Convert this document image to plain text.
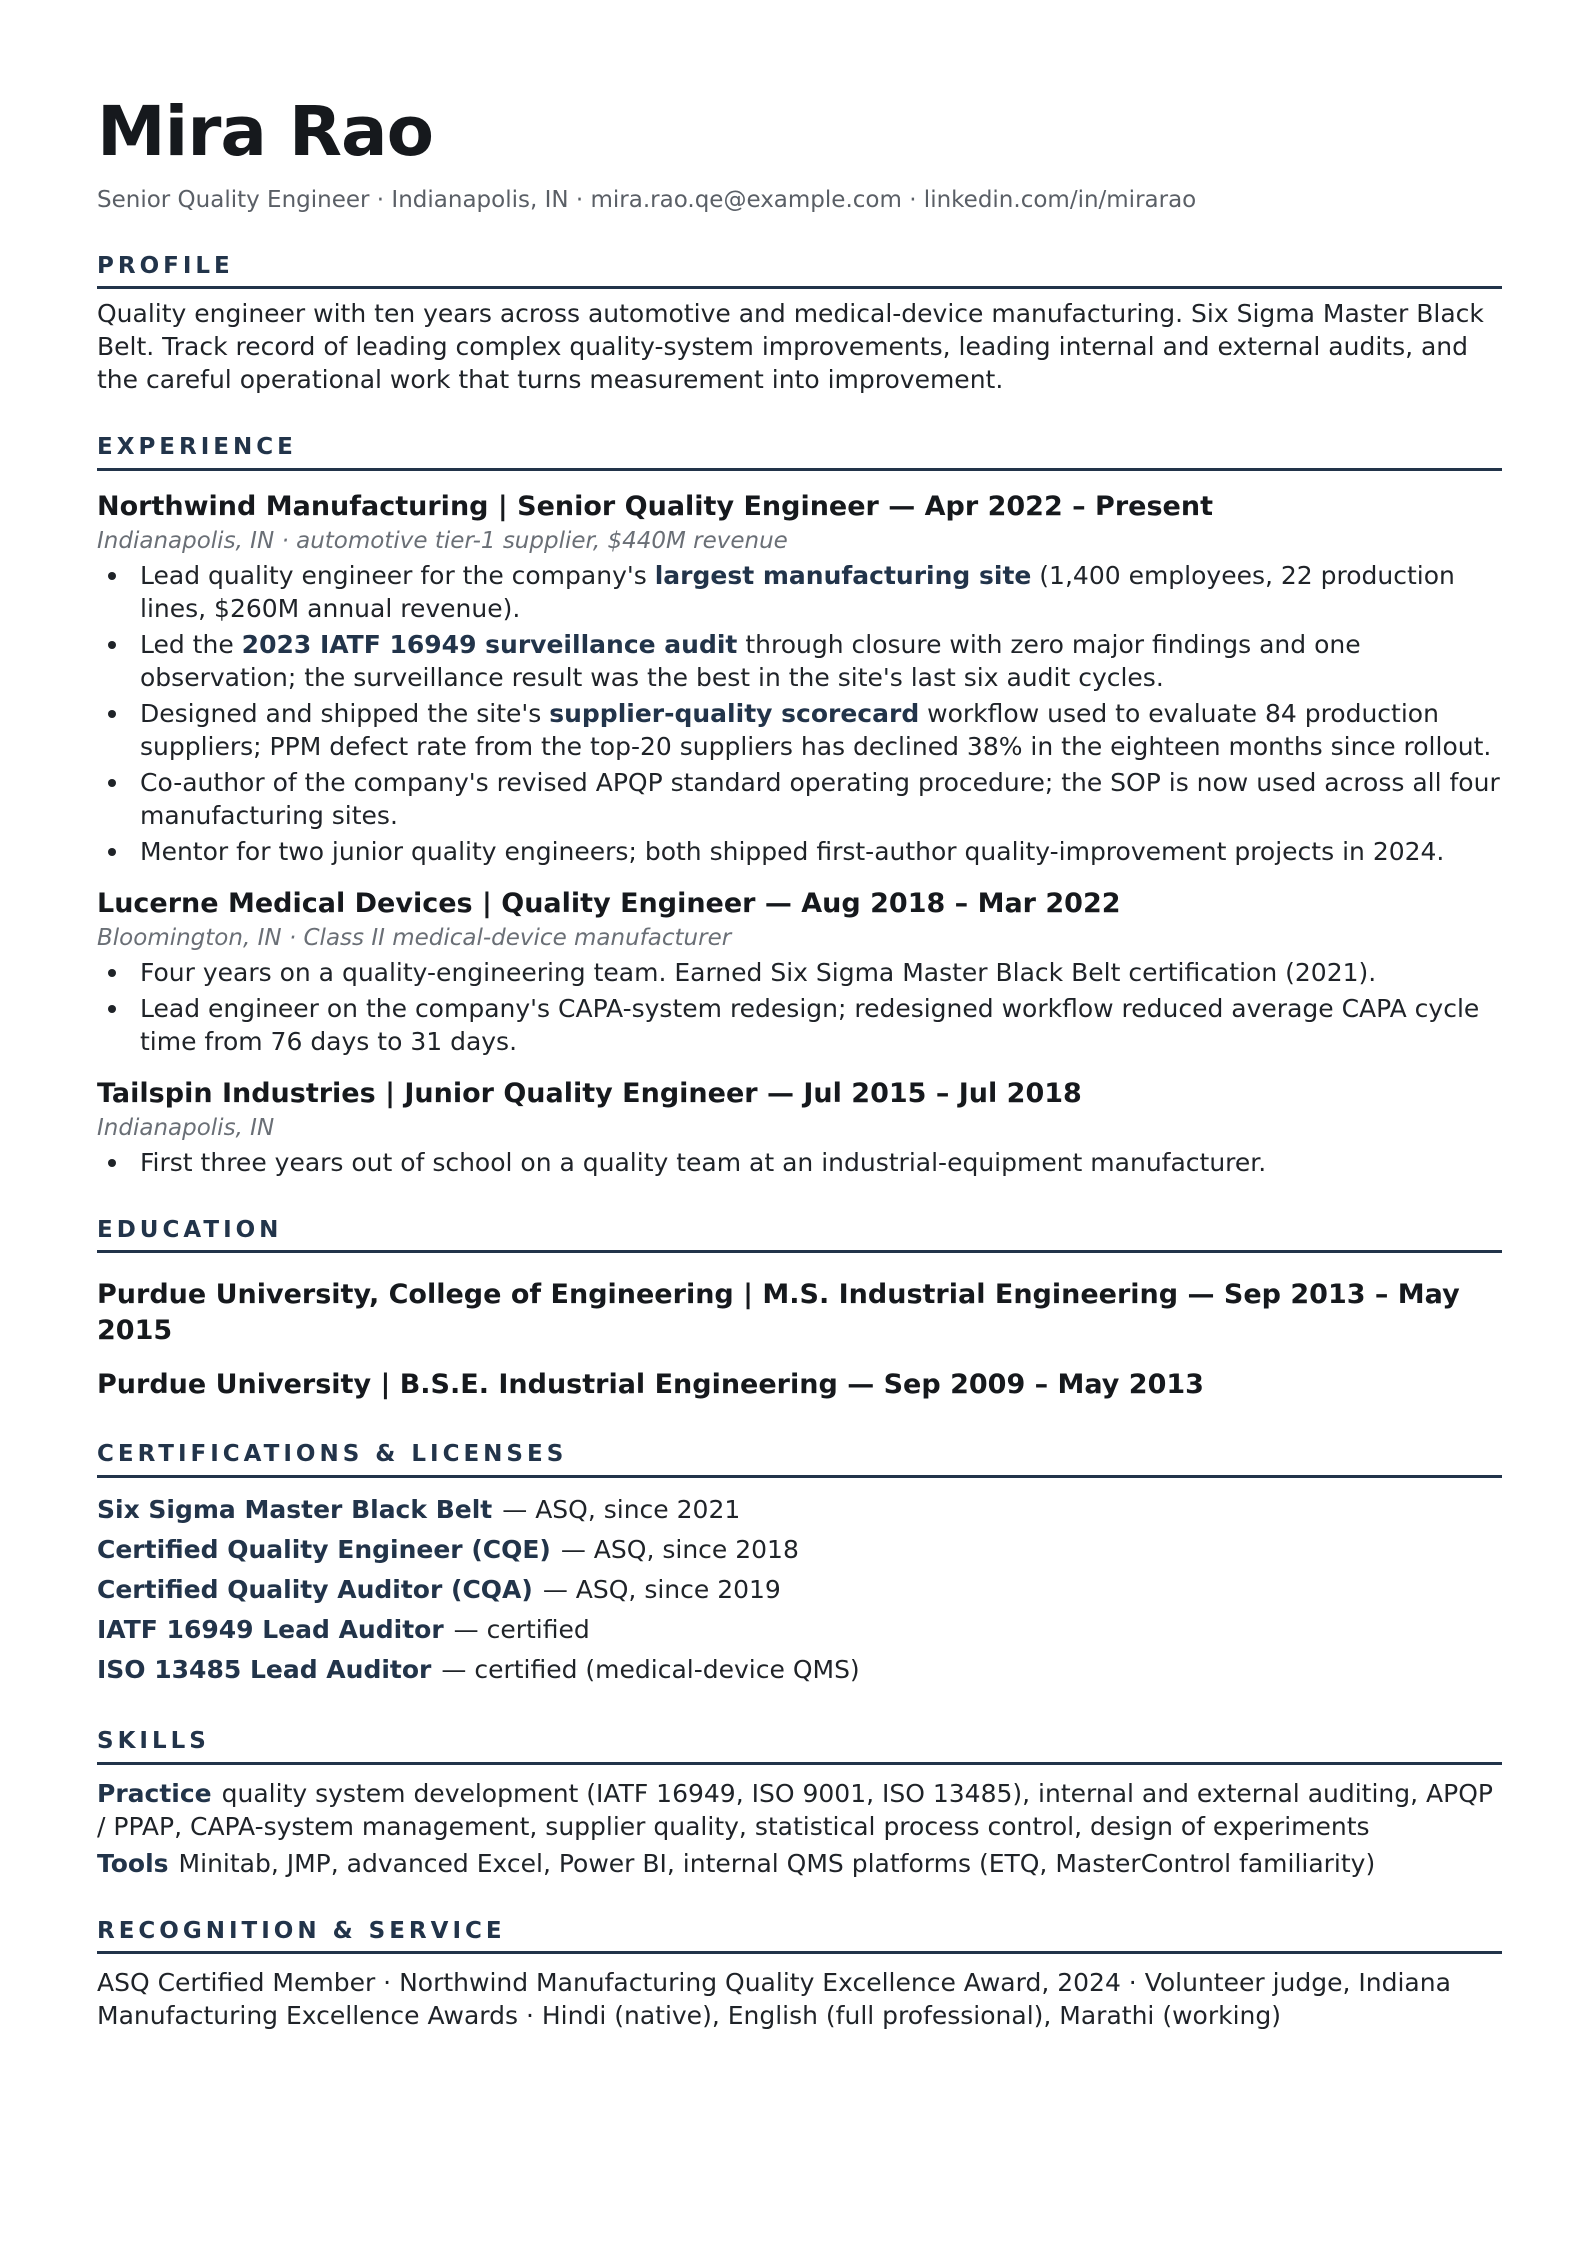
Mira Rao
Senior Quality Engineer · Indianapolis, IN · mira.rao.qe@example.com · linkedin.com/in/mirarao
PROFILE
Quality engineer with ten years across automotive and medical-device manufacturing. Six Sigma Master Black Belt. Track record of leading complex quality-system improvements, leading internal and external audits, and the careful operational work that turns measurement into improvement.
EXPERIENCE
Northwind Manufacturing | Senior Quality Engineer — Apr 2022 – Present
Indianapolis, IN · automotive tier-1 supplier, $440M revenue
Lead quality engineer for the company's largest manufacturing site (1,400 employees, 22 production lines, $260M annual revenue).
Led the 2023 IATF 16949 surveillance audit through closure with zero major findings and one observation; the surveillance result was the best in the site's last six audit cycles.
Designed and shipped the site's supplier-quality scorecard workflow used to evaluate 84 production suppliers; PPM defect rate from the top-20 suppliers has declined 38% in the eighteen months since rollout.
Co-author of the company's revised APQP standard operating procedure; the SOP is now used across all four manufacturing sites.
Mentor for two junior quality engineers; both shipped first-author quality-improvement projects in 2024.
Lucerne Medical Devices | Quality Engineer — Aug 2018 – Mar 2022
Bloomington, IN · Class II medical-device manufacturer
Four years on a quality-engineering team. Earned Six Sigma Master Black Belt certification (2021).
Lead engineer on the company's CAPA-system redesign; redesigned workflow reduced average CAPA cycle time from 76 days to 31 days.
Tailspin Industries | Junior Quality Engineer — Jul 2015 – Jul 2018
Indianapolis, IN
First three years out of school on a quality team at an industrial-equipment manufacturer.
EDUCATION
Purdue University, College of Engineering | M.S. Industrial Engineering — Sep 2013 – May 2015
Purdue University | B.S.E. Industrial Engineering — Sep 2009 – May 2013
CERTIFICATIONS & LICENSES
Six Sigma Master Black Belt — ASQ, since 2021
Certified Quality Engineer (CQE) — ASQ, since 2018
Certified Quality Auditor (CQA) — ASQ, since 2019
IATF 16949 Lead Auditor — certified
ISO 13485 Lead Auditor — certified (medical-device QMS)
SKILLS
Practice quality system development (IATF 16949, ISO 9001, ISO 13485), internal and external auditing, APQP / PPAP, CAPA-system management, supplier quality, statistical process control, design of experiments
Tools Minitab, JMP, advanced Excel, Power BI, internal QMS platforms (ETQ, MasterControl familiarity)
RECOGNITION & SERVICE
ASQ Certified Member · Northwind Manufacturing Quality Excellence Award, 2024 · Volunteer judge, Indiana Manufacturing Excellence Awards · Hindi (native), English (full professional), Marathi (working)
